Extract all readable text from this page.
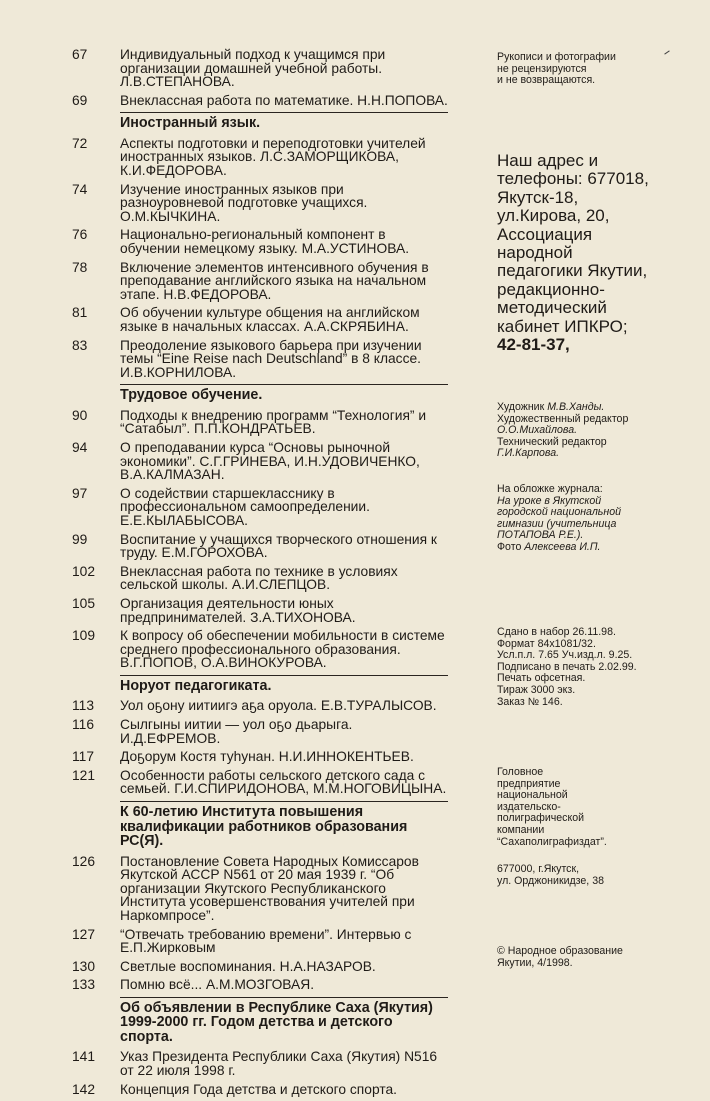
67	Индивидуальный подход к учащимся при организации домашней учебной работы. Л.В.СТЕПАНОВА.
69	Внеклассная работа по математике. Н.Н.ПОПОВА.
Иностранный язык.
72	Аспекты подготовки и переподготовки учителей иностранных языков. Л.С.ЗАМОРЩИКОВА, К.И.ФЕДОРОВА.
74	Изучение иностранных языков при разноуровневой подготовке учащихся. О.М.КЫЧКИНА.
76	Национально-региональный компонент в обучении немецкому языку. М.А.УСТИНОВА.
78	Включение элементов интенсивного обучения в преподавание английского языка на начальном этапе. Н.В.ФЕДОРОВА.
81	Об обучении культуре общения на английском языке в начальных классах. А.А.СКРЯБИНА.
83	Преодоление языкового барьера при изучении темы “Eine Reise nach Deutschland” в 8 классе. И.В.КОРНИЛОВА.
Трудовое обучение.
90	Подходы к внедрению программ “Технология” и “Сатабыл”. П.П.КОНДРАТЬЕВ.
94	О преподавании курса “Основы рыночной экономики”. С.Г.ГРИНЕВА, И.Н.УДОВИЧЕНКО, В.А.КАЛМАЗАН.
97	О содействии старшекласснику в профессиональном самоопределении. Е.Е.КЫЛАБЫСОВА.
99	Воспитание у учащихся творческого отношения к труду. Е.М.ГОРОХОВА.
102	Внеклассная работа по технике в условиях сельской школы. А.И.СЛЕПЦОВ.
105	Организация деятельности юных предпринимателей. З.А.ТИХОНОВА.
109	К вопросу об обеспечении мобильности в системе среднего профессионального образования. В.Г.ПОПОВ, О.А.ВИНОКУРОВА.
Норуот педагогиката.
113	Уол оҕону иитиигэ аҕа оруола. Е.В.ТУРАЛЫСОВ.
116	Сылгыны иитии — уол оҕо дьарыга. И.Д.ЕФРЕМОВ.
117	Доҕорум Костя туһунан. Н.И.ИННОКЕНТЬЕВ.
121	Особенности работы сельского детского сада с семьей. Г.И.СПИРИДОНОВА, М.М.НОГОВИЦЫНА.
К 60-летию Института повышения квалификации работников образования РС(Я).
126	Постановление Совета Народных Комиссаров Якутской АССР N561 от 20 мая 1939 г. “Об организации Якутского Республиканского Института усовершенствования учителей при Наркомпросе”.
127	“Отвечать требованию времени”. Интервью с Е.П.Жирковым
130	Светлые воспоминания. Н.А.НАЗАРОВ.
133	Помню всё... А.М.МОЗГОВАЯ.
Об объявлении в Республике Саха (Якутия) 1999-2000 гг. Годом детства и детского спорта.
141	Указ Президента Республики Саха (Якутия) N516 от 22 июля 1998 г.
142	Концепция Года детства и детского спорта.
Рукописи и фотографии
не рецензируются
и не возвращаются.
Наш адрес и
телефоны: 677018,
Якутск-18,
ул.Кирова, 20,
Ассоциация
народной
педагогики Якутии,
редакционно-
методический
кабинет ИПКРО;
42-81-37,
Художник М.В.Ханды.
Художественный редактор
О.О.Михайлова.
Технический редактор
Г.И.Карпова.
На обложке журнала:
На уроке в Якутской
городской национальной
гимназии (учительница
ПОТАПОВА Р.Е.).
Фото Алексеева И.П.
Сдано в набор 26.11.98.
Формат 84x1081/32.
Усл.п.л. 7.65 Уч.изд.л. 9.25.
Подписано в печать 2.02.99.
Печать офсетная.
Тираж 3000 экз.
Заказ № 146.
Головное
предприятие
национальной
издательско-
полиграфической
компании
“Сахаполиграфиздат”.
677000, г.Якутск,
ул. Орджоникидзе, 38
© Народное образование
Якутии, 4/1998.
